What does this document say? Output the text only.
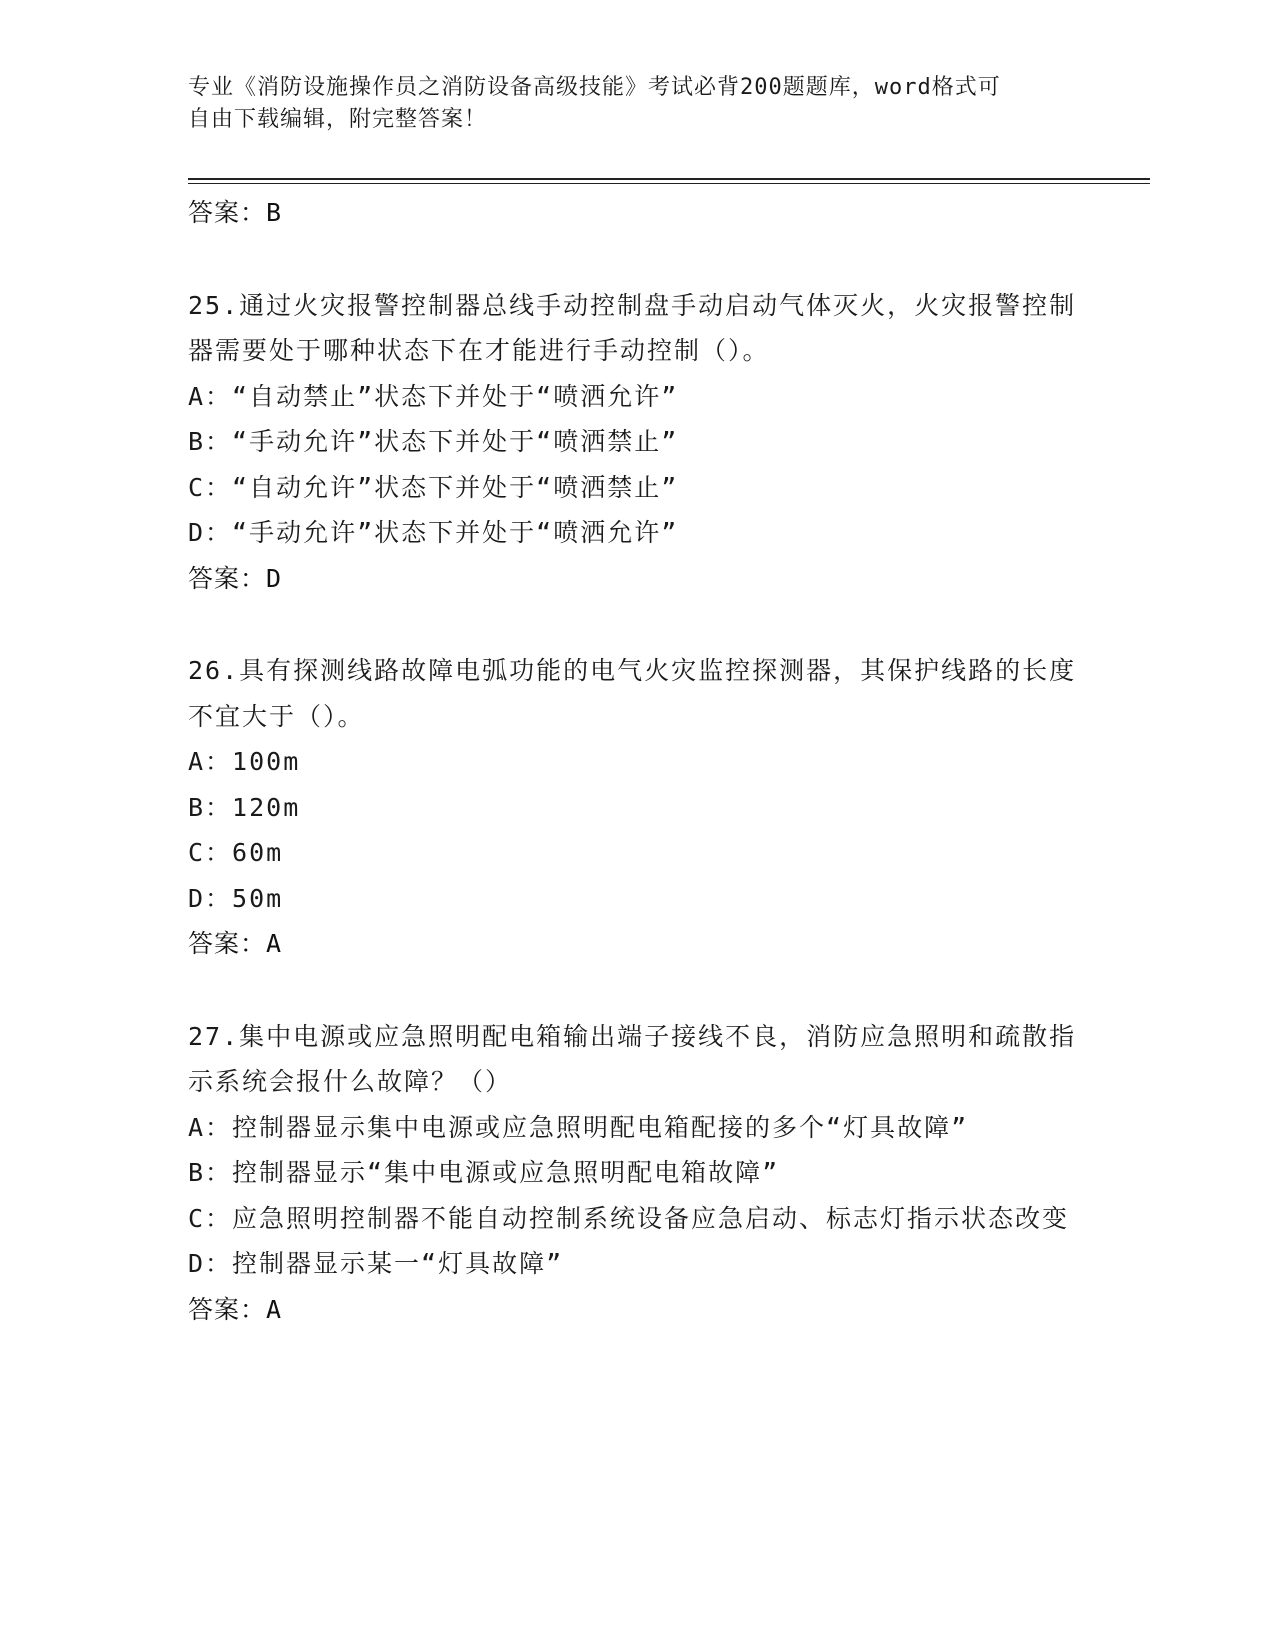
专业《消防设施操作员之消防设备高级技能》考试必背200题题库，word格式可
自由下载编辑，附完整答案！
答案：B
25.通过火灾报警控制器总线手动控制盘手动启动气体灭火，火灾报警控制器需要处于哪种状态下在才能进行手动控制（）。
A：“自动禁止”状态下并处于“喷洒允许”
B：“手动允许”状态下并处于“喷洒禁止”
C：“自动允许”状态下并处于“喷洒禁止”
D：“手动允许”状态下并处于“喷洒允许”
答案：D
26.具有探测线路故障电弧功能的电气火灾监控探测器，其保护线路的长度不宜大于（）。
A：100m
B：120m
C：60m
D：50m
答案：A
27.集中电源或应急照明配电箱输出端子接线不良，消防应急照明和疏散指示系统会报什么故障？（）
A：控制器显示集中电源或应急照明配电箱配接的多个“灯具故障”
B：控制器显示“集中电源或应急照明配电箱故障”
C：应急照明控制器不能自动控制系统设备应急启动、标志灯指示状态改变
D：控制器显示某一“灯具故障”
答案：A
